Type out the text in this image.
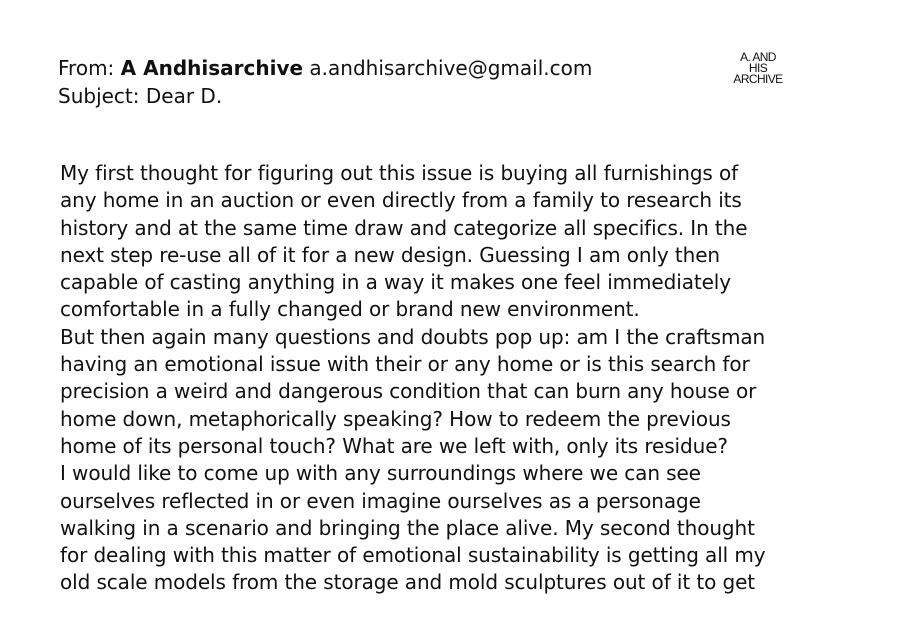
From: A Andhisarchive a.andhisarchive@gmail.com
Subject: Dear D.
A. AND
HIS
ARCHIVE
My first thought for figuring out this issue is buying all furnishings of
any home in an auction or even directly from a family to research its
history and at the same time draw and categorize all specifics. In the
next step re-use all of it for a new design. Guessing I am only then
capable of casting anything in a way it makes one feel immediately
comfortable in a fully changed or brand new environment.
But then again many questions and doubts pop up: am I the craftsman
having an emotional issue with their or any home or is this search for
precision a weird and dangerous condition that can burn any house or
home down, metaphorically speaking? How to redeem the previous
home of its personal touch? What are we left with, only its residue?
I would like to come up with any surroundings where we can see
ourselves reflected in or even imagine ourselves as a personage
walking in a scenario and bringing the place alive. My second thought
for dealing with this matter of emotional sustainability is getting all my
old scale models from the storage and mold sculptures out of it to get
